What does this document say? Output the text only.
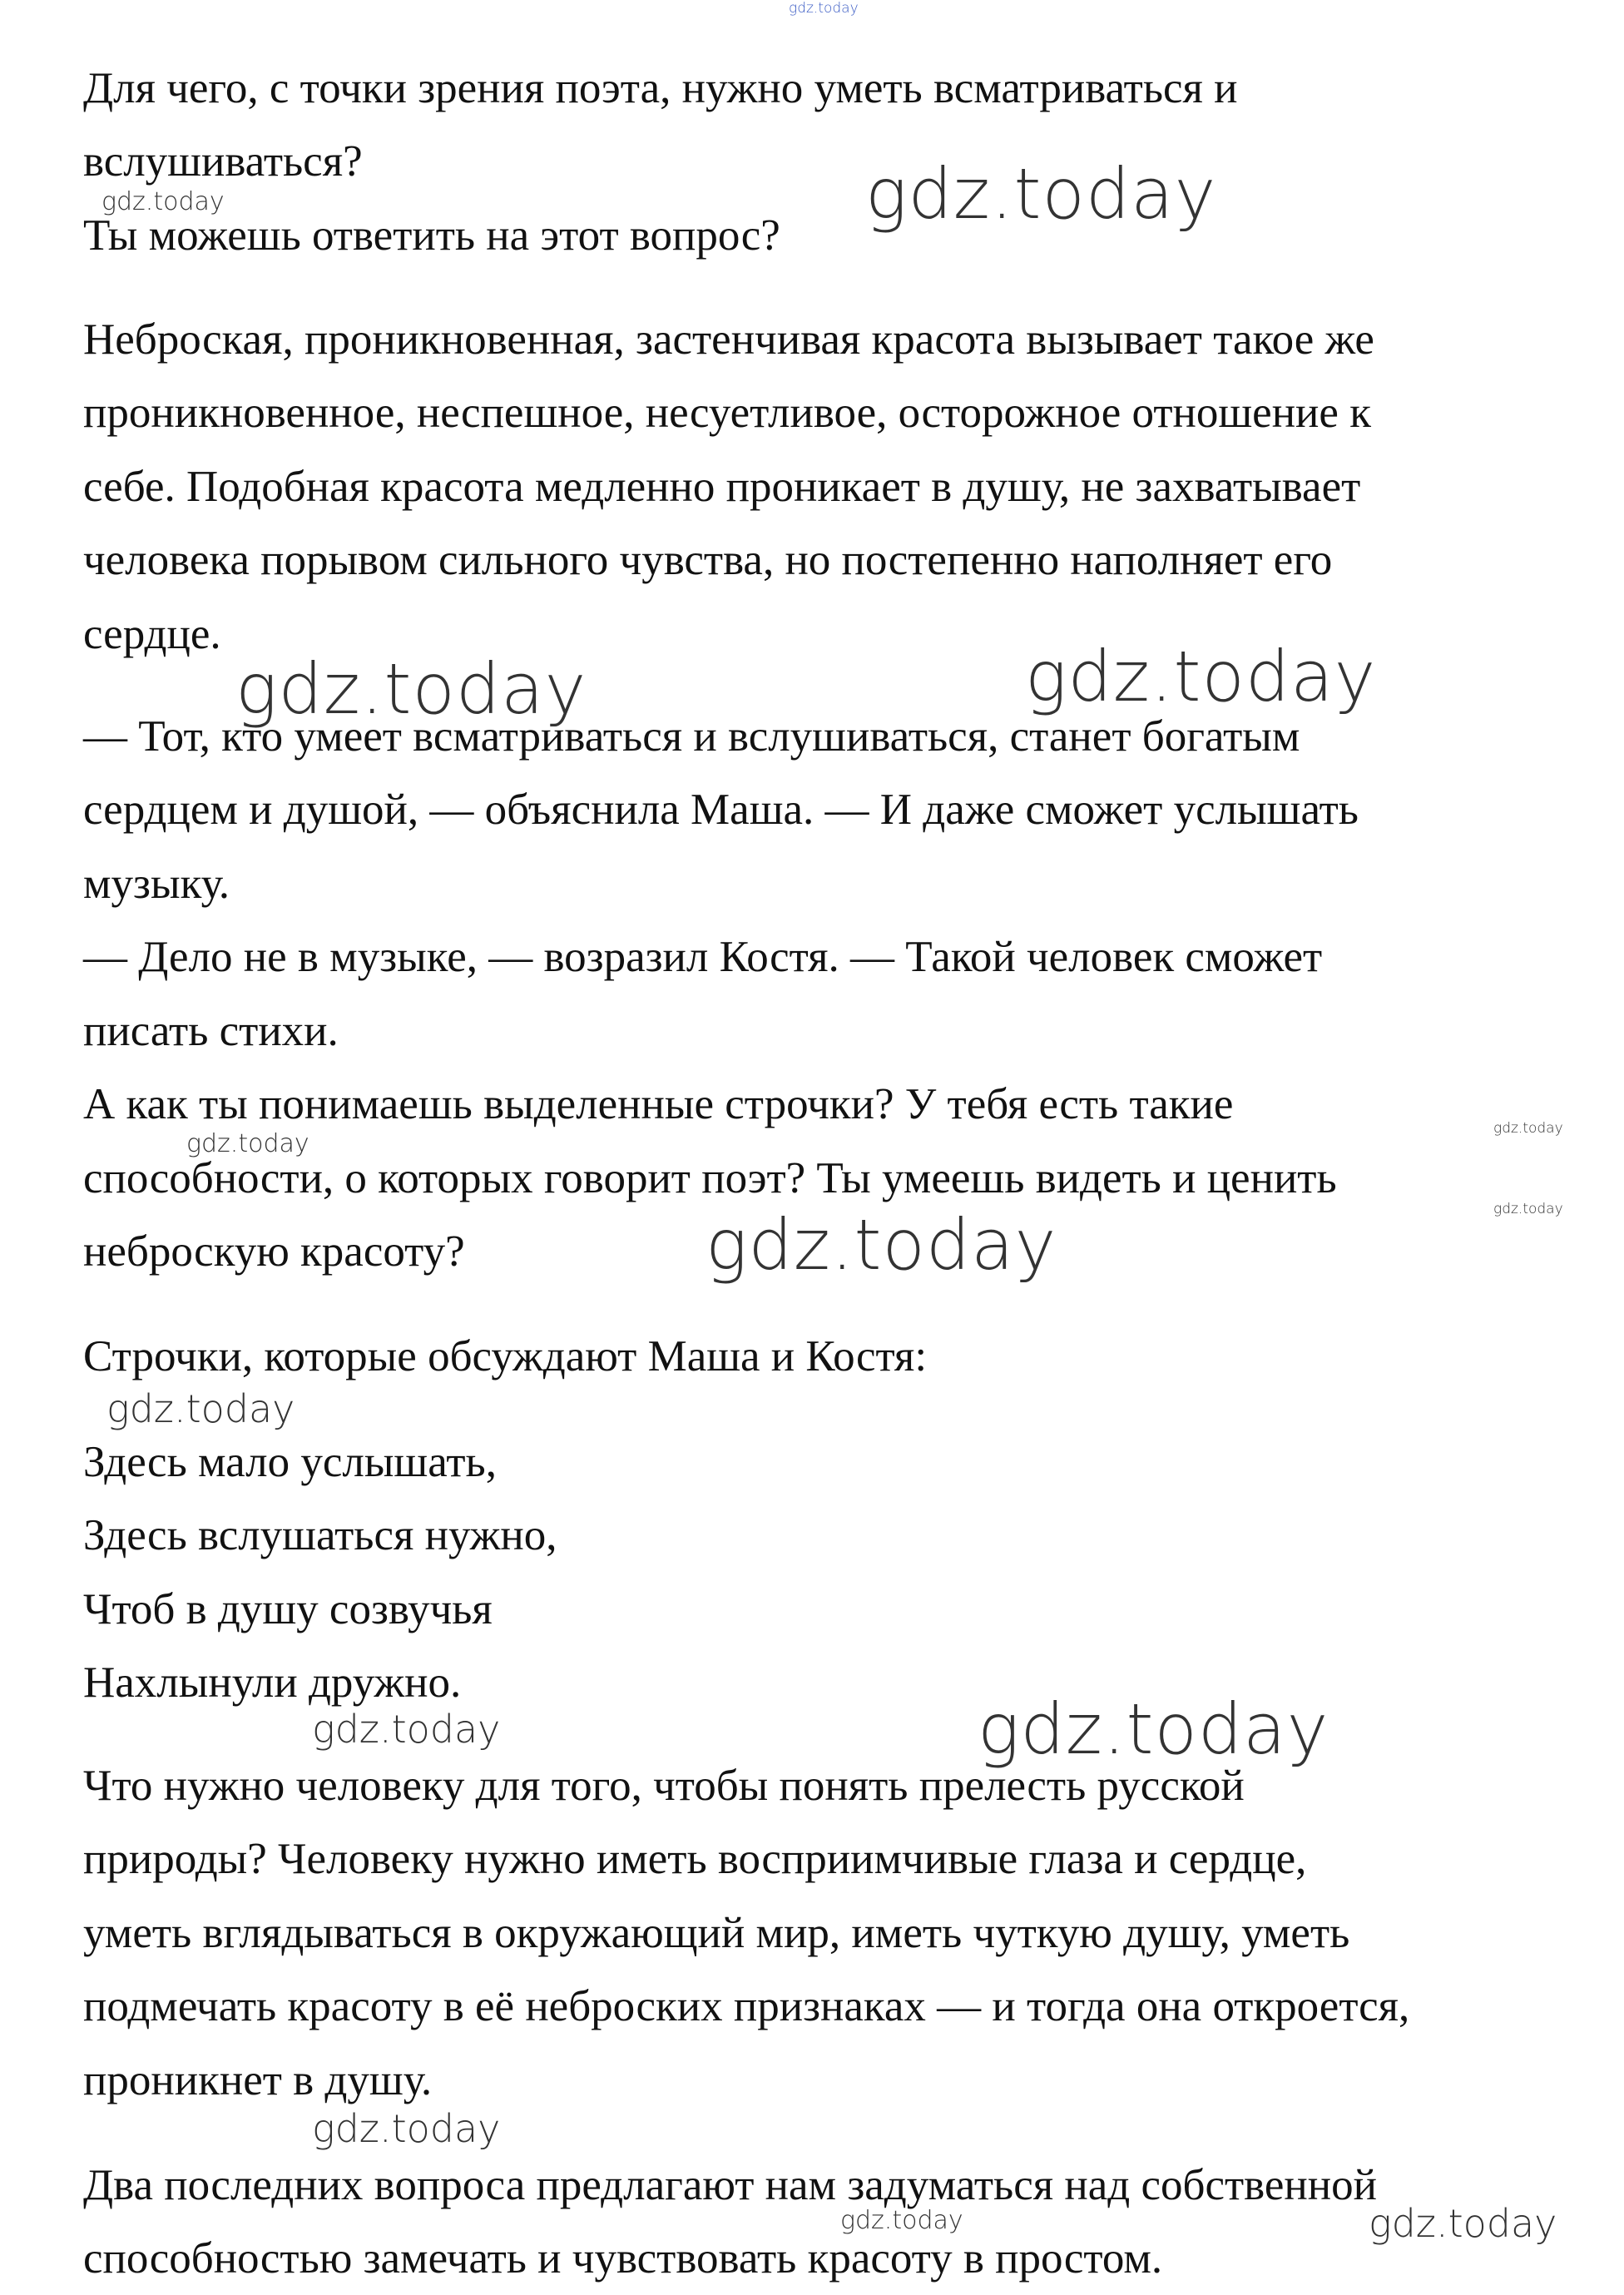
gdz.today
gdz.today	gdz.today
gdz.today	gdz.today
gdz.today
gdz.today
gdz.today
gdz.today
gdz.today
gdz.today	gdz.today
gdz.today
gdz.today	gdz.today
Для чего, с точки зрения поэта, нужно уметь всматриваться и
вслушиваться?
Ты можешь ответить на этот вопрос?
Неброская, проникновенная, застенчивая красота вызывает такое же
проникновенное, неспешное, несуетливое, осторожное отношение к
себе. Подобная красота медленно проникает в душу, не захватывает
человека порывом сильного чувства, но постепенно наполняет его
сердце.
— Тот, кто умеет всматриваться и вслушиваться, станет богатым
сердцем и душой, — объяснила Маша. — И даже сможет услышать
музыку.
— Дело не в музыке, — возразил Костя. — Такой человек сможет
писать стихи.
А как ты понимаешь выделенные строчки? У тебя есть такие
способности, о которых говорит поэт? Ты умеешь видеть и ценить
неброскую красоту?
Строчки, которые обсуждают Маша и Костя:
Здесь мало услышать,
Здесь вслушаться нужно,
Чтоб в душу созвучья
Нахлынули дружно.
Что нужно человеку для того, чтобы понять прелесть русской
природы? Человеку нужно иметь восприимчивые глаза и сердце,
уметь вглядываться в окружающий мир, иметь чуткую душу, уметь
подмечать красоту в её неброских признаках — и тогда она откроется,
проникнет в душу.
Два последних вопроса предлагают нам задуматься над собственной
способностью замечать и чувствовать красоту в простом.
